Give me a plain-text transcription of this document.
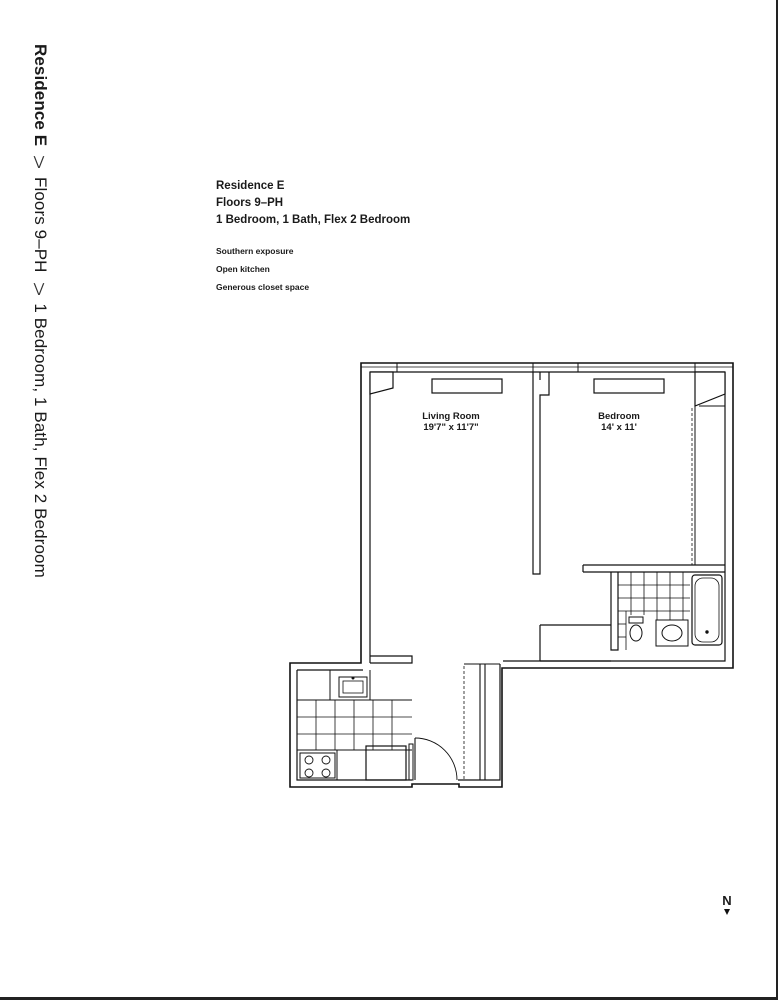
Residence E⋁Floors 9–PH⋁1 Bedroom, 1 Bath, Flex 2 Bedroom
Residence E
Floors 9–PH
1 Bedroom, 1 Bath, Flex 2 Bedroom
Southern exposure
Open kitchen
Generous closet space
Living Room
19'7" x 11'7"
Bedroom
14' x 11'
N
